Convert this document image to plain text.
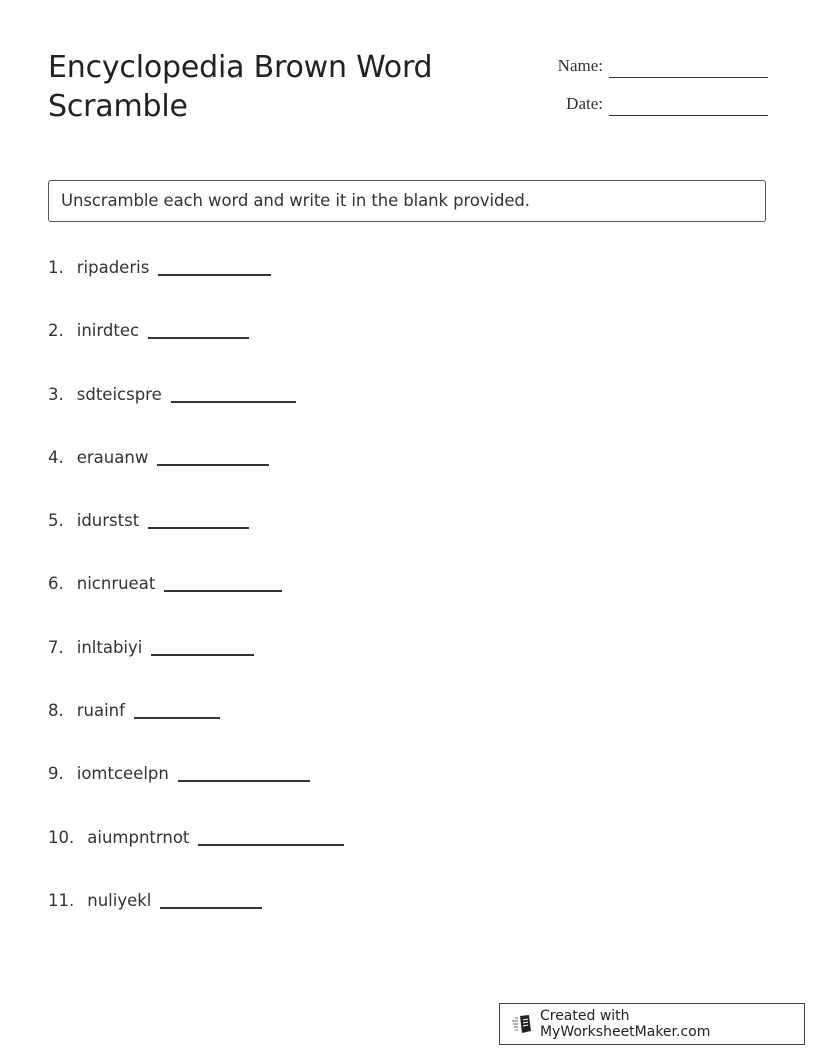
Encyclopedia Brown Word Scramble
Name:
Date:
Unscramble each word and write it in the blank provided.
1. ripaderis
2. inirdtec
3. sdteicspre
4. erauanw
5. idurstst
6. nicnrueat
7. inltabiyi
8. ruainf
9. iomtceelpn
10. aiumpntrnot
11. nuliyekl
Created with MyWorksheetMaker.com
